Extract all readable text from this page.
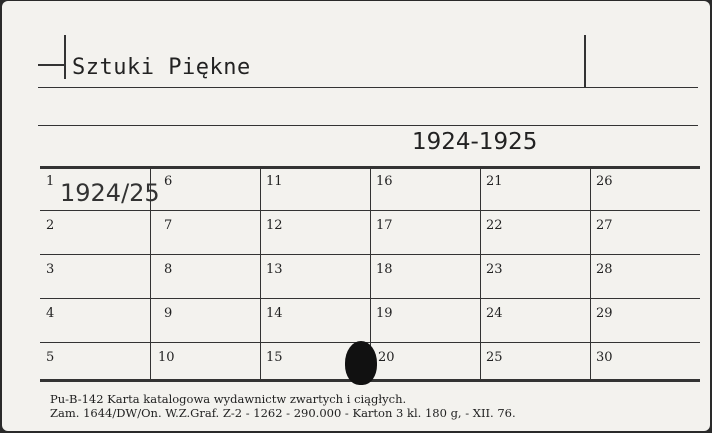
Sztuki Piękne
1924-1925
1
2
3
4
5
6
7
8
9
10
11
12
13
14
15
16
17
18
19
20
21
22
23
24
25
26
27
28
29
30
1924/25
Pu-B-142 Karta katalogowa wydawnictw zwartych i ciągłych.
Zam. 1644/DW/On. W.Z.Graf. Z-2 - 1262 - 290.000 - Karton 3 kl. 180 g, - XII. 76.
